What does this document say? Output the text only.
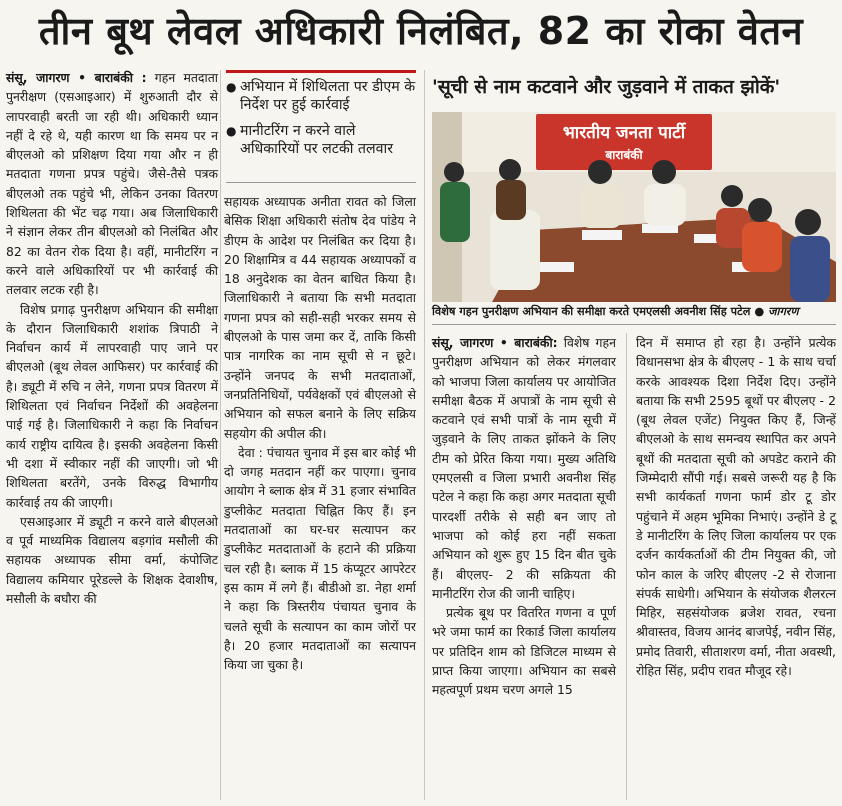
तीन बूथ लेवल अधिकारी निलंबित, 82 का रोका वेतन

संसू, जागरण • बाराबंकी : गहन मतदाता पुनरीक्षण (एसआइआर) में शुरुआती दौर से लापरवाही बरती जा रही थी। अधिकारी ध्यान नहीं दे रहे थे, यही कारण था कि समय पर न बीएलओ को प्रशिक्षण दिया गया और न ही मतदाता गणना प्रपत्र पहुंचे। जैसे-तैसे पत्रक बीएलओ तक पहुंचे भी, लेकिन उनका वितरण शिथिलता की भेंट चढ़ गया। अब जिलाधिकारी ने संज्ञान लेकर तीन बीएलओ को निलंबित और 82 का वेतन रोक दिया है। वहीं, मानीटरिंग न करने वाले अधिकारियों पर भी कार्रवाई की तलवार लटक रही है।

विशेष प्रगाढ़ पुनरीक्षण अभियान की समीक्षा के दौरान जिलाधिकारी शशांक त्रिपाठी ने निर्वाचन कार्य में लापरवाही पाए जाने पर बीएलओ (बूथ लेवल आफिसर) पर कार्रवाई की है। ड्यूटी में रुचि न लेने, गणना प्रपत्र वितरण में शिथिलता एवं निर्वाचन निर्देशों की अवहेलना पाई गई है। जिलाधिकारी ने कहा कि निर्वाचन कार्य राष्ट्रीय दायित्व है। इसकी अवहेलना किसी भी दशा में स्वीकार नहीं की जाएगी। जो भी शिथिलता बरतेंगे, उनके विरुद्ध विभागीय कार्रवाई तय की जाएगी।

एसआइआर में ड्यूटी न करने वाले बीएलओ व पूर्व माध्यमिक विद्यालय बड़गांव मसौली की सहायक अध्यापक सीमा वर्मा, कंपोजिट विद्यालय कमियार पूरेडल्ले के शिक्षक देवाशीष, मसौली के बघौरा की

● अभियान में शिथिलता पर डीएम के निर्देश पर हुई कार्रवाई
● मानीटरिंग न करने वाले अधिकारियों पर लटकी तलवार

सहायक अध्यापक अनीता रावत को जिला बेसिक शिक्षा अधिकारी संतोष देव पांडेय ने डीएम के आदेश पर निलंबित कर दिया है। 20 शिक्षामित्र व 44 सहायक अध्यापकों व 18 अनुदेशक का वेतन बाधित किया है। जिलाधिकारी ने बताया कि सभी मतदाता गणना प्रपत्र को सही-सही भरकर समय से बीएलओ के पास जमा कर दें, ताकि किसी पात्र नागरिक का नाम सूची से न छूटे। उन्होंने जनपद के सभी मतदाताओं, जनप्रतिनिधियों, पर्यवेक्षकों एवं बीएलओ से अभियान को सफल बनाने के लिए सक्रिय सहयोग की अपील की।

देवा : पंचायत चुनाव में इस बार कोई भी दो जगह मतदान नहीं कर पाएगा। चुनाव आयोग ने ब्लाक क्षेत्र में 31 हजार संभावित डुप्लीकेट मतदाता चिह्नित किए हैं। इन मतदाताओं का घर-घर सत्यापन कर डुप्लीकेट मतदाताओं के हटाने की प्रक्रिया चल रही है। ब्लाक में 15 कंप्यूटर आपरेटर इस काम में लगे हैं। बीडीओ डा. नेहा शर्मा ने कहा कि त्रिस्तरीय पंचायत चुनाव के चलते सूची के सत्यापन का काम जोरों पर है। 20 हजार मतदाताओं का सत्यापन किया जा चुका है।

'सूची से नाम कटवाने और जुड़वाने में ताकत झोकें'
भारतीय जनता पार्टी
बाराबंकी
विशेष गहन पुनरीक्षण अभियान की समीक्षा करते एमएलसी अवनीश सिंह पटेल ● जागरण

संसू, जागरण • बाराबंकी: विशेष गहन पुनरीक्षण अभियान को लेकर मंगलवार को भाजपा जिला कार्यालय पर आयोजित समीक्षा बैठक में अपात्रों के नाम सूची से कटवाने एवं सभी पात्रों के नाम सूची में जुड़वाने के लिए ताकत झोंकने के लिए टीम को प्रेरित किया गया। मुख्य अतिथि एमएलसी व जिला प्रभारी अवनीश सिंह पटेल ने कहा कि कहा अगर मतदाता सूची पारदर्शी तरीके से सही बन जाए तो भाजपा को कोई हरा नहीं सकता अभियान को शुरू हुए 15 दिन बीत चुके हैं। बीएलए- 2 की सक्रियता की मानीटरिंग रोज की जानी चाहिए।

प्रत्येक बूथ पर वितरित गणना व पूर्ण भरे जमा फार्म का रिकार्ड जिला कार्यालय पर प्रतिदिन शाम को डिजिटल माध्यम से प्राप्त किया जाएगा। अभियान का सबसे महत्वपूर्ण प्रथम चरण अगले 15

दिन में समाप्त हो रहा है। उन्होंने प्रत्येक विधानसभा क्षेत्र के बीएलए - 1 के साथ चर्चा करके आवश्यक दिशा निर्देश दिए। उन्होंने बताया कि सभी 2595 बूथों पर बीएलए - 2 (बूथ लेवल एजेंट) नियुक्त किए हैं, जिन्हें बीएलओ के साथ समन्वय स्थापित कर अपने बूथों की मतदाता सूची को अपडेट कराने की जिम्मेदारी सौंपी गई। सबसे जरूरी यह है कि सभी कार्यकर्ता गणना फार्म डोर टू डोर पहुंचाने में अहम भूमिका निभाएं। उन्होंने डे टू डे मानीटरिंग के लिए जिला कार्यालय पर एक दर्जन कार्यकर्ताओं की टीम नियुक्त की, जो फोन काल के जरिए बीएलए -2 से रोजाना संपर्क साधेगी। अभियान के संयोजक शैलरत्न मिहिर, सहसंयोजक ब्रजेश रावत, रचना श्रीवास्तव, विजय आनंद बाजपेई, नवीन सिंह, प्रमोद तिवारी, सीताशरण वर्मा, नीता अवस्थी, रोहित सिंह, प्रदीप रावत मौजूद रहे।
